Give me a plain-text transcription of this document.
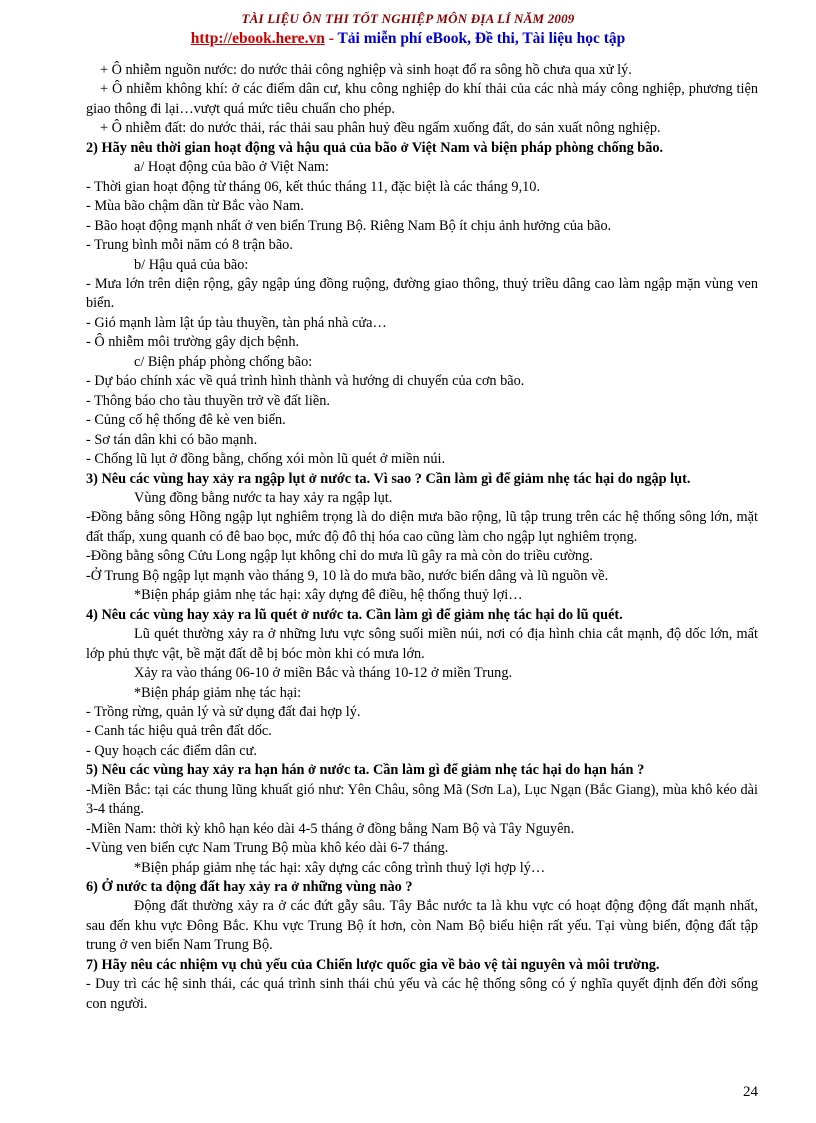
TÀI LIỆU ÔN THI TỐT NGHIỆP MÔN ĐỊA LÍ NĂM 2009
http://ebook.here.vn - Tải miễn phí eBook, Đề thi, Tài liệu học tập

+ Ô nhiễm nguồn nước: do nước thải công nghiệp và sinh hoạt đổ ra sông hồ chưa qua xử lý.

+ Ô nhiễm không khí: ở các điểm dân cư, khu công nghiệp do khí thải của các nhà máy công nghiệp, phương tiện giao thông đi lại…vượt quá mức tiêu chuẩn cho phép.

+ Ô nhiễm đất: do nước thải, rác thải sau phân huỷ đều ngấm xuống đất, do sản xuất nông nghiệp.

2) Hãy nêu thời gian hoạt động và hậu quả của bão ở Việt Nam và biện pháp phòng chống bão.

a/ Hoạt động của bão ở Việt Nam:

- Thời gian hoạt động từ tháng 06, kết thúc tháng 11, đặc biệt là các tháng 9,10.

- Mùa bão chậm dần từ Bắc vào Nam.

- Bão hoạt động mạnh nhất ở ven biển Trung Bộ. Riêng Nam Bộ ít chịu ảnh hưởng của bão.

- Trung bình mỗi năm có 8 trận bão.

b/ Hậu quả của bão:

- Mưa lớn trên diện rộng, gây ngập úng đồng ruộng, đường giao thông, thuỷ triều dâng cao làm ngập mặn vùng ven biển.

- Gió mạnh làm lật úp tàu thuyền, tàn phá nhà cửa…

- Ô nhiễm môi trường gây dịch bệnh.

c/ Biện pháp phòng chống bão:

- Dự báo chính xác về quá trình hình thành và hướng di chuyển của cơn bão.

- Thông báo cho tàu thuyền trở về đất liền.

- Củng cố hệ thống đê kè ven biển.

- Sơ tán dân khi có bão mạnh.

- Chống lũ lụt ở đồng bằng, chống xói mòn lũ quét ở miền núi.

3) Nêu các vùng hay xảy ra ngập lụt ở nước ta. Vì sao ? Cần làm gì để giảm nhẹ tác hại do ngập lụt.

Vùng đồng bằng nước ta hay xảy ra ngập lụt.

-Đồng bằng sông Hồng ngập lụt nghiêm trọng là do diện mưa bão rộng, lũ tập trung trên các hệ thống sông lớn, mặt đất thấp, xung quanh có đê bao bọc, mức độ đô thị hóa cao cũng làm cho ngập lụt nghiêm trọng.

-Đồng bằng sông Cửu Long ngập lụt không chỉ do mưa lũ gây ra mà còn do triều cường.

-Ở Trung Bộ ngập lụt mạnh vào tháng 9, 10 là do mưa bão, nước biển dâng và lũ nguồn về.

*Biện pháp giảm nhẹ tác hại: xây dựng đê điều, hệ thống thuỷ lợi…

4) Nêu các vùng hay xảy ra lũ quét ở nước ta. Cần làm gì để giảm nhẹ tác hại do lũ quét.

Lũ quét thường xảy ra ở những lưu vực sông suối miền núi, nơi có địa hình chia cắt mạnh, độ dốc lớn, mất lớp phủ thực vật, bề mặt đất dễ bị bóc mòn khi có mưa lớn.

Xảy ra vào tháng 06-10 ở miền Bắc và tháng 10-12 ở miền Trung.

*Biện pháp giảm nhẹ tác hại:

- Trồng rừng, quản lý và sử dụng đất đai hợp lý.

- Canh tác hiệu quả trên đất dốc.

- Quy hoạch các điểm dân cư.

5) Nêu các vùng hay xảy ra hạn hán ở nước ta. Cần làm gì để giảm nhẹ tác hại do hạn hán ?

-Miền Bắc: tại các thung lũng khuất gió như: Yên Châu, sông Mã (Sơn La), Lục Ngạn (Bắc Giang), mùa khô kéo dài 3-4 tháng.

-Miền Nam: thời kỳ khô hạn kéo dài 4-5 tháng ở đồng bằng Nam Bộ và Tây Nguyên.

-Vùng ven biển cực Nam Trung Bộ mùa khô kéo dài 6-7 tháng.

*Biện pháp giảm nhẹ tác hại: xây dựng các công trình thuỷ lợi hợp lý…

6) Ở nước ta động đất hay xảy ra ở những vùng nào ?

Động đất thường xảy ra ở các đứt gẫy sâu. Tây Bắc nước ta là khu vực có hoạt động động đất mạnh nhất, sau đến khu vực Đông Bắc. Khu vực Trung Bộ ít hơn, còn Nam Bộ biểu hiện rất yếu. Tại vùng biển, động đất tập trung ở ven biển Nam Trung Bộ.

7) Hãy nêu các nhiệm vụ chủ yếu của Chiến lược quốc gia về bảo vệ tài nguyên và môi trường.

- Duy trì các hệ sinh thái, các quá trình sinh thái chủ yếu và các hệ thống sông có ý nghĩa quyết định đến đời sống con người.

24
